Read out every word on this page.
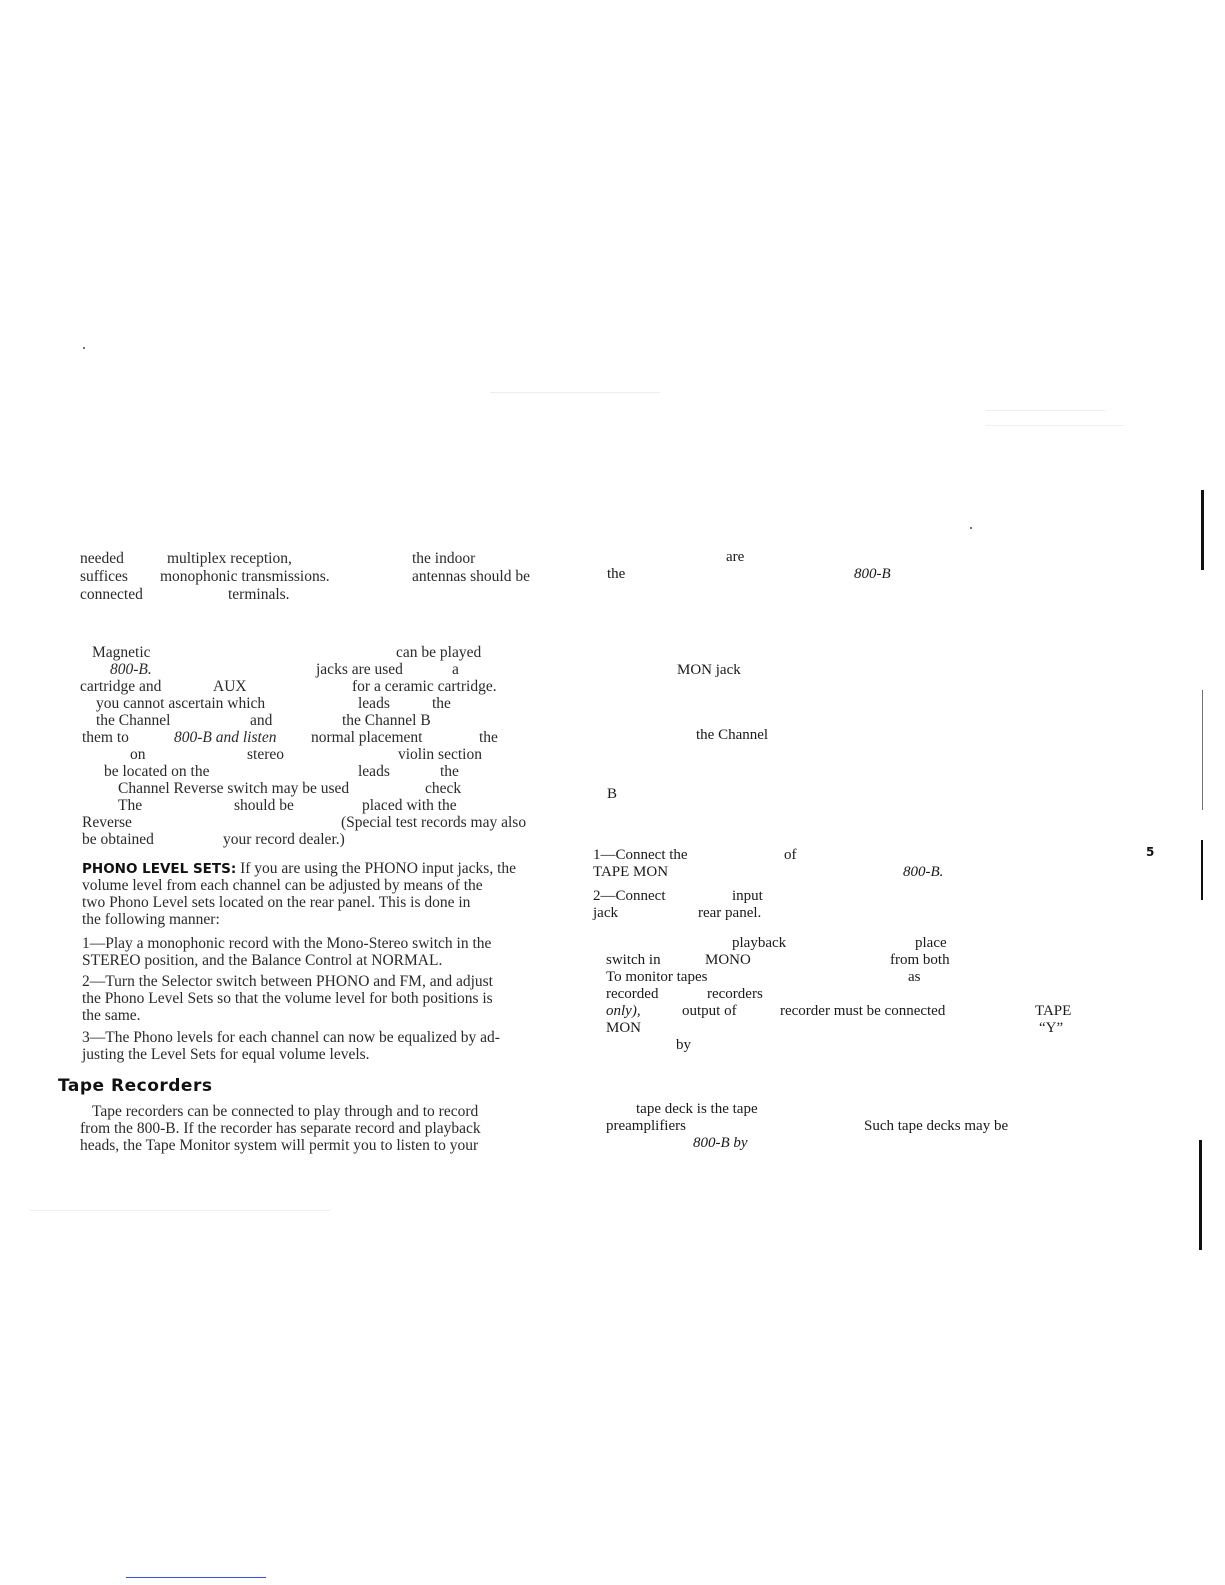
needed	multiplex reception,	the indoor
suffices monophonic transmissions.	antennas should be
connected	terminals.
Magnetic	can be played
800-B.	jacks are used	a
cartridge and	AUX	for a ceramic cartridge.
you cannot ascertain which	leads	the
the Channel	and	the Channel B
them to	800-B and listen normal placement	the
on	stereo	violin section
be located on the	leads	the
Channel Reverse switch may be used	check
The	should be	placed with the
Reverse	(Special test records may also
be obtained	your record dealer.)
PHONO LEVEL SETS: If you are using the PHONO input jacks, the
volume level from each channel can be adjusted by means of the
two Phono Level sets located on the rear panel. This is done in
the following manner:
1—Play a monophonic record with the Mono-Stereo switch in the
STEREO position, and the Balance Control at NORMAL.
2—Turn the Selector switch between PHONO and FM, and adjust
the Phono Level Sets so that the volume level for both positions is
the same.
3—The Phono levels for each channel can now be equalized by ad-
justing the Level Sets for equal volume levels.
Tape Recorders
Tape recorders can be connected to play through and to record
from the 800-B. If the recorder has separate record and playback
heads, the Tape Monitor system will permit you to listen to your
are
the	800-B
MON jack
the Channel
B
1—Connect the	of
TAPE MON	800-B.
2—Connect	input
jack	rear panel.
playback	place
switch in	MONO	from both
To monitor tapes	as
recorded	recorders
only),	output of	recorder must be connected	TAPE
MON	“Y”
by
tape deck is the tape
preamplifiers	Such tape decks may be
800-B by
5
